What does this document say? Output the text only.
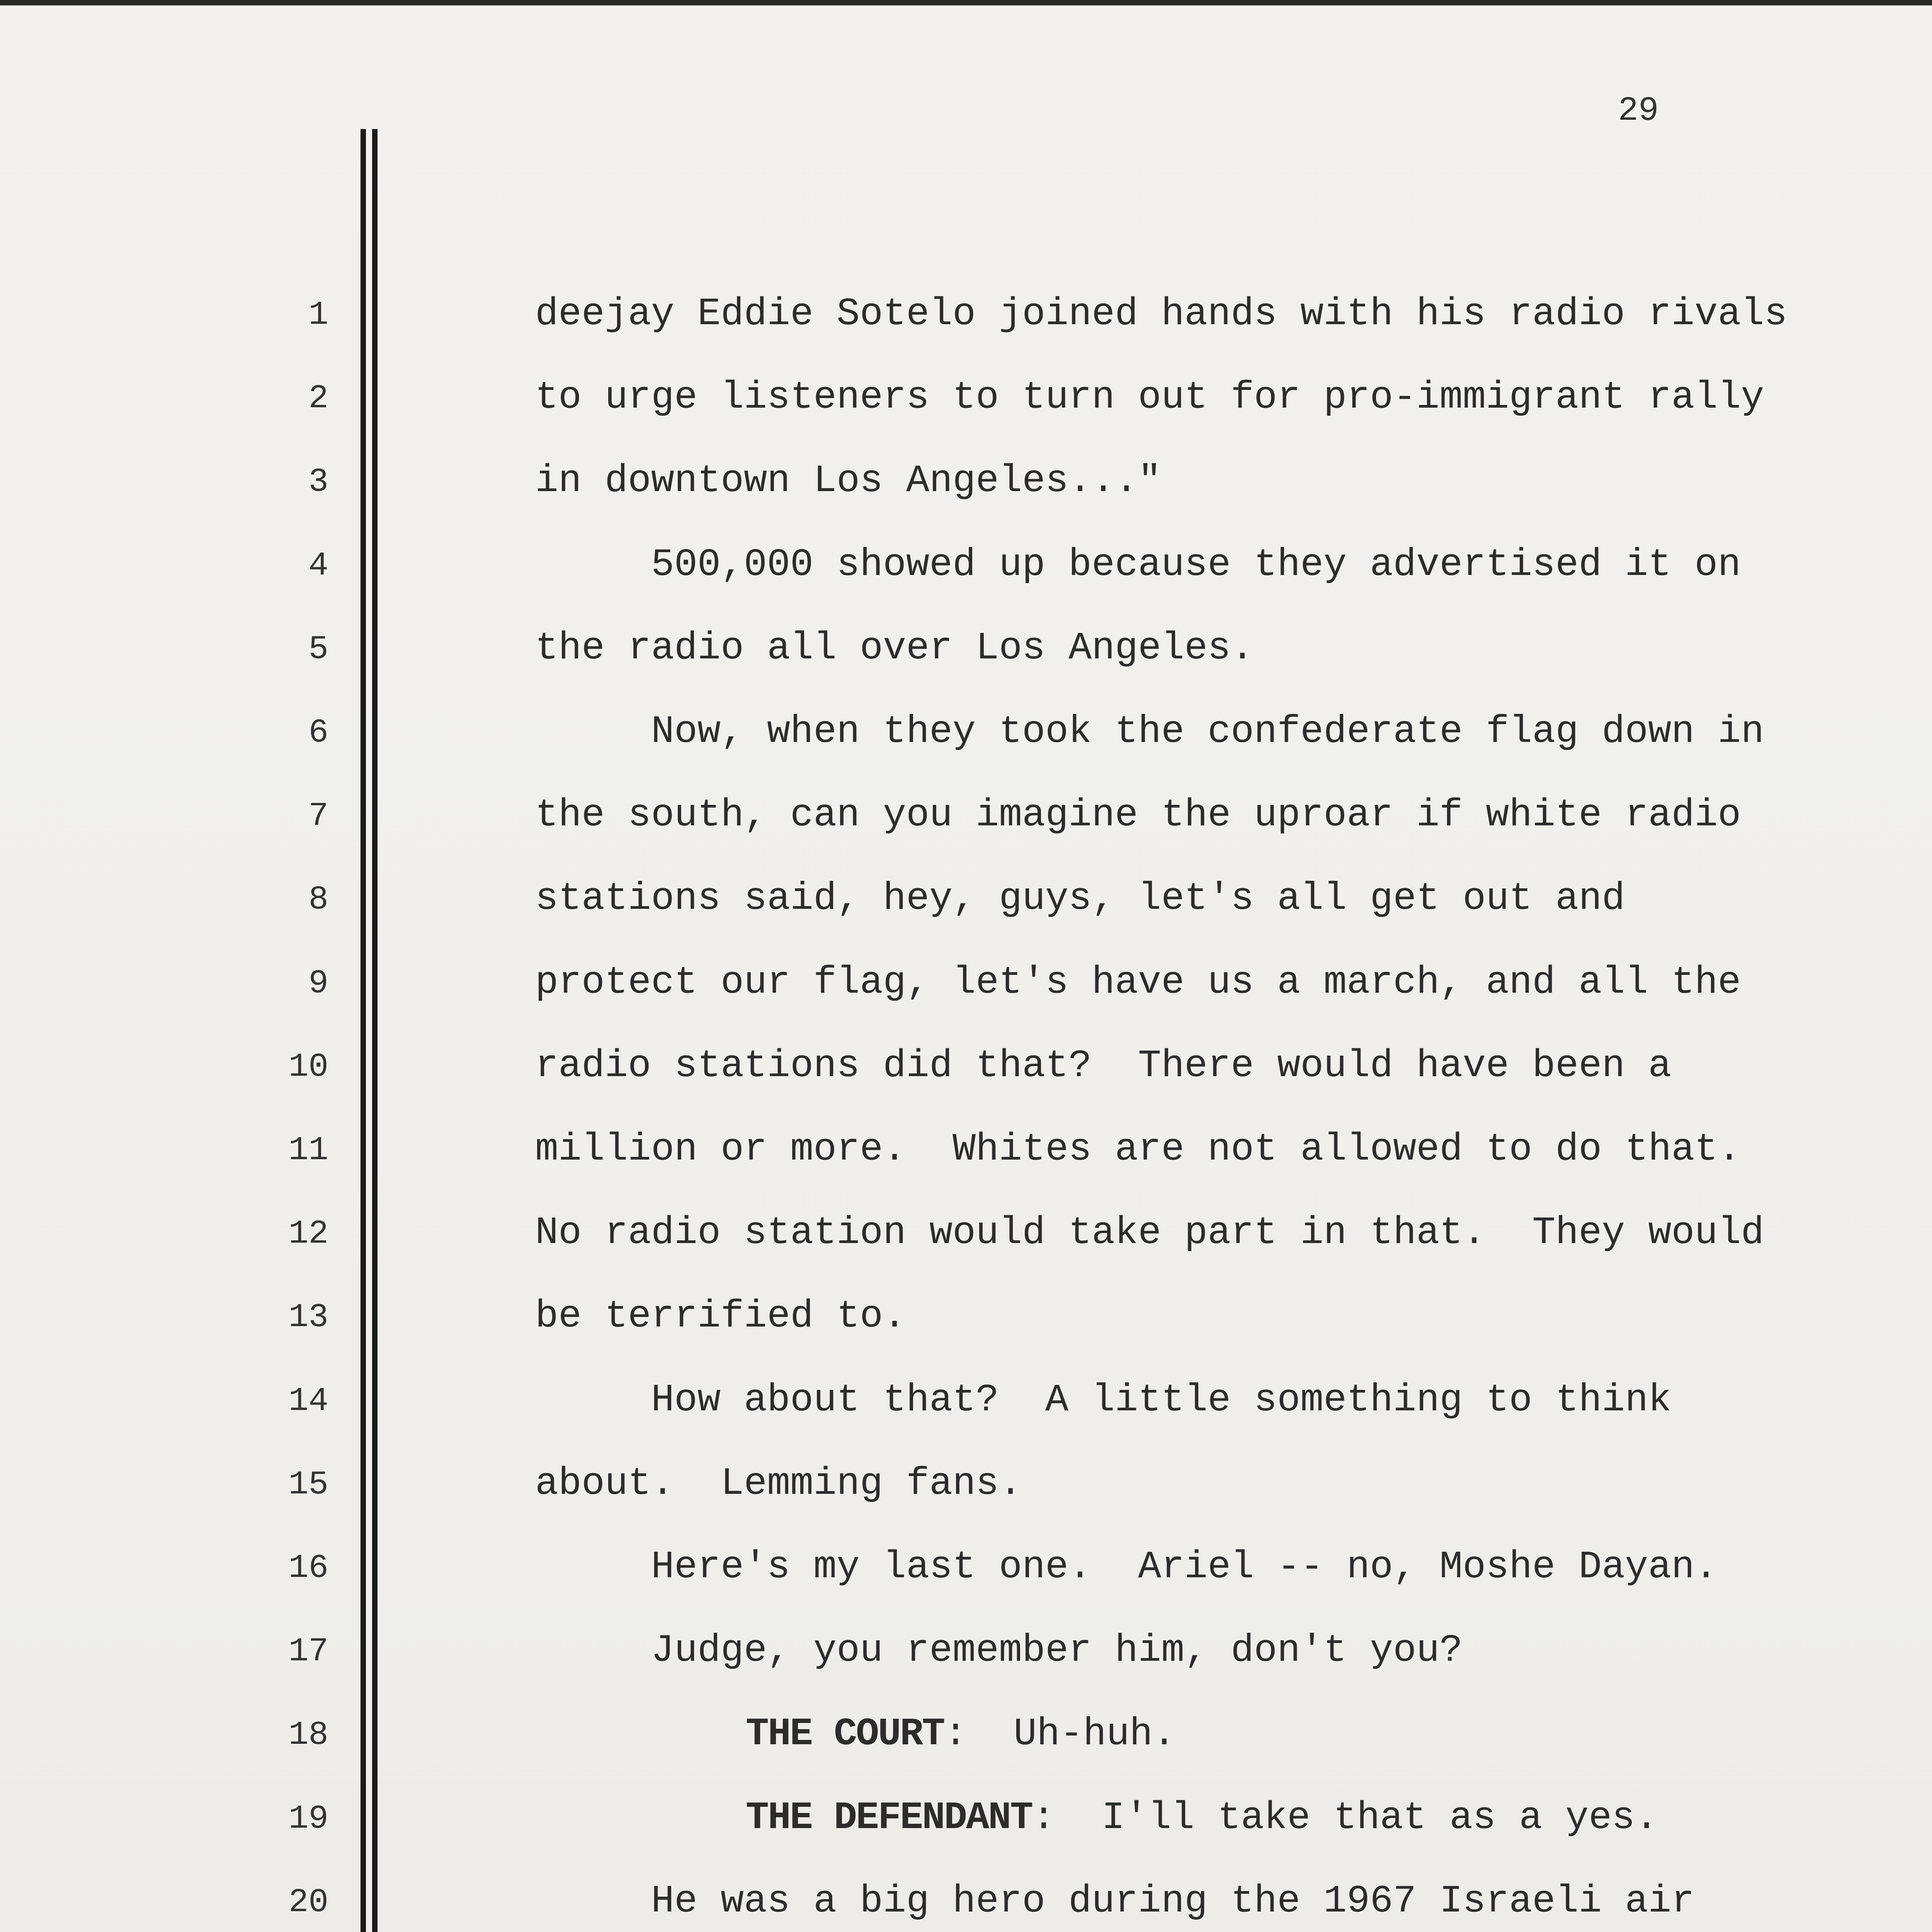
29
1
2
3
4
5
6
7
8
9
10
11
12
13
14
15
16
17
18
19
20
deejay Eddie Sotelo joined hands with his radio rivals
to urge listeners to turn out for pro-immigrant rally
in downtown Los Angeles..."
500,000 showed up because they advertised it on
the radio all over Los Angeles.
Now, when they took the confederate flag down in
the south, can you imagine the uproar if white radio
stations said, hey, guys, let's all get out and
protect our flag, let's have us a march, and all the
radio stations did that?  There would have been a
million or more.  Whites are not allowed to do that.
No radio station would take part in that.  They would
be terrified to.
How about that?  A little something to think
about.  Lemming fans.
Here's my last one.  Ariel -- no, Moshe Dayan.
Judge, you remember him, don't you?
THE COURT:  Uh-huh.
THE DEFENDANT:  I'll take that as a yes.
He was a big hero during the 1967 Israeli air
